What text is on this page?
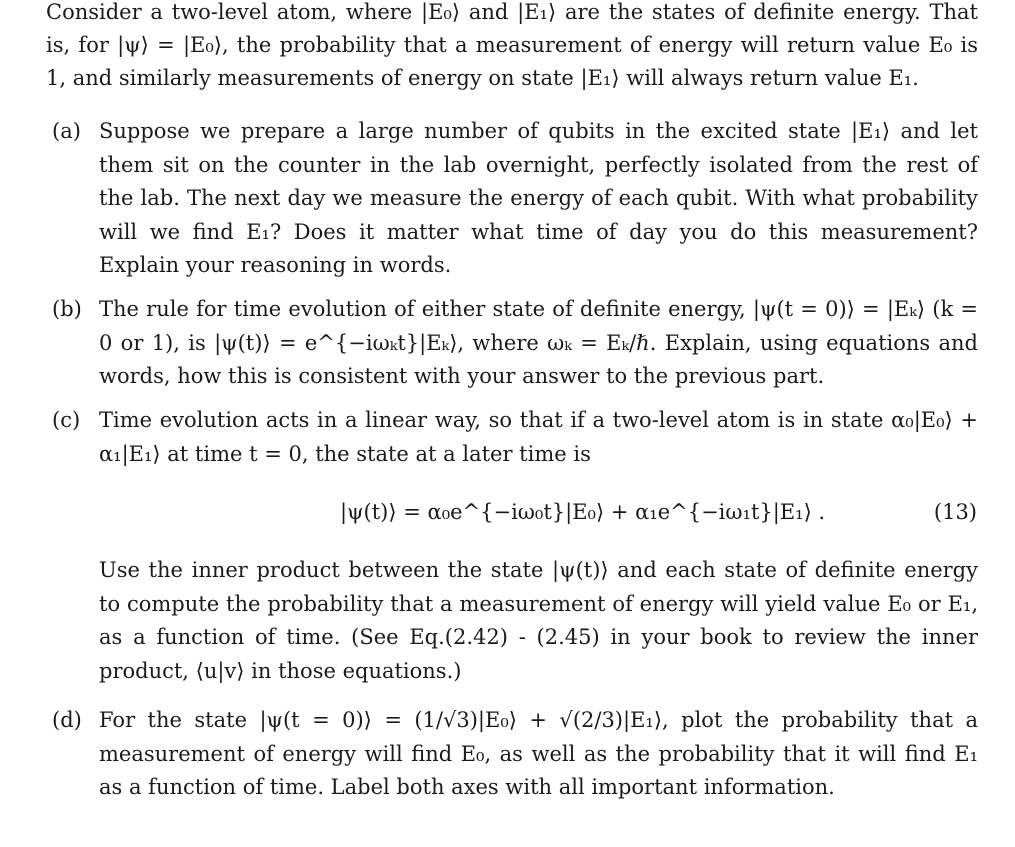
Consider a two-level atom, where |E₀⟩ and |E₁⟩ are the states of definite energy. That is, for |ψ⟩ = |E₀⟩, the probability that a measurement of energy will return value E₀ is 1, and similarly measurements of energy on state |E₁⟩ will always return value E₁.
(a) Suppose we prepare a large number of qubits in the excited state |E₁⟩ and let them sit on the counter in the lab overnight, perfectly isolated from the rest of the lab. The next day we measure the energy of each qubit. With what probability will we find E₁? Does it matter what time of day you do this measurement? Explain your reasoning in words.
(b) The rule for time evolution of either state of definite energy, |ψ(t = 0)⟩ = |Eₖ⟩ (k = 0 or 1), is |ψ(t)⟩ = e^{−iωₖt}|Eₖ⟩, where ωₖ = Eₖ/ℏ. Explain, using equations and words, how this is consistent with your answer to the previous part.
(c) Time evolution acts in a linear way, so that if a two-level atom is in state α₀|E₀⟩ + α₁|E₁⟩ at time t = 0, the state at a later time is
|ψ(t)⟩ = α₀e^{−iω₀t}|E₀⟩ + α₁e^{−iω₁t}|E₁⟩ .	(13)
Use the inner product between the state |ψ(t)⟩ and each state of definite energy to compute the probability that a measurement of energy will yield value E₀ or E₁, as a function of time. (See Eq.(2.42) - (2.45) in your book to review the inner product, ⟨u|v⟩ in those equations.)
(d) For the state |ψ(t = 0)⟩ = (1/√3)|E₀⟩ + √(2/3)|E₁⟩, plot the probability that a measurement of energy will find E₀, as well as the probability that it will find E₁ as a function of time. Label both axes with all important information.
